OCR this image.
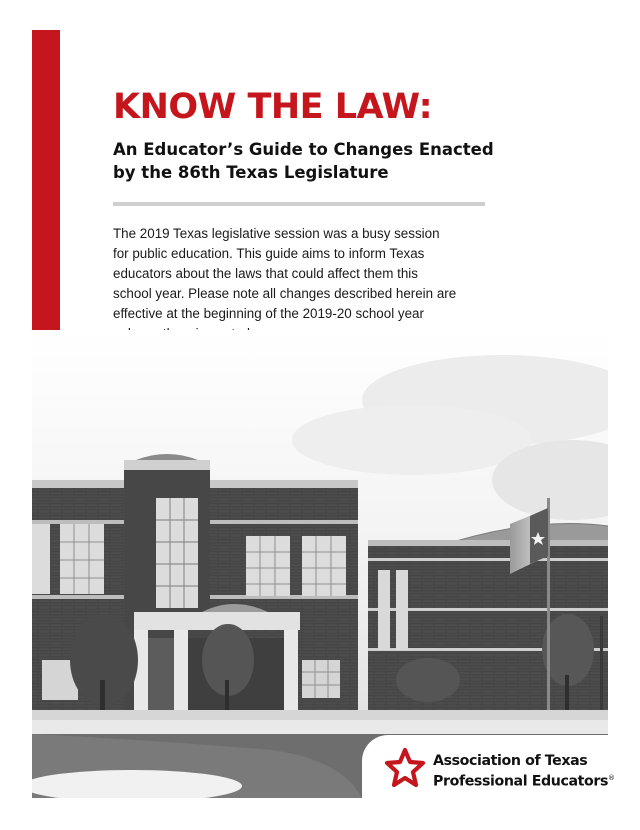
KNOW THE LAW:
An Educator’s Guide to Changes Enacted by the 86th Texas Legislature

The 2019 Texas legislative session was a busy session for public education. This guide aims to inform Texas educators about the laws that could affect them this school year. Please note all changes described herein are effective at the beginning of the 2019-20 school year

Association of Texas
Professional Educators®
